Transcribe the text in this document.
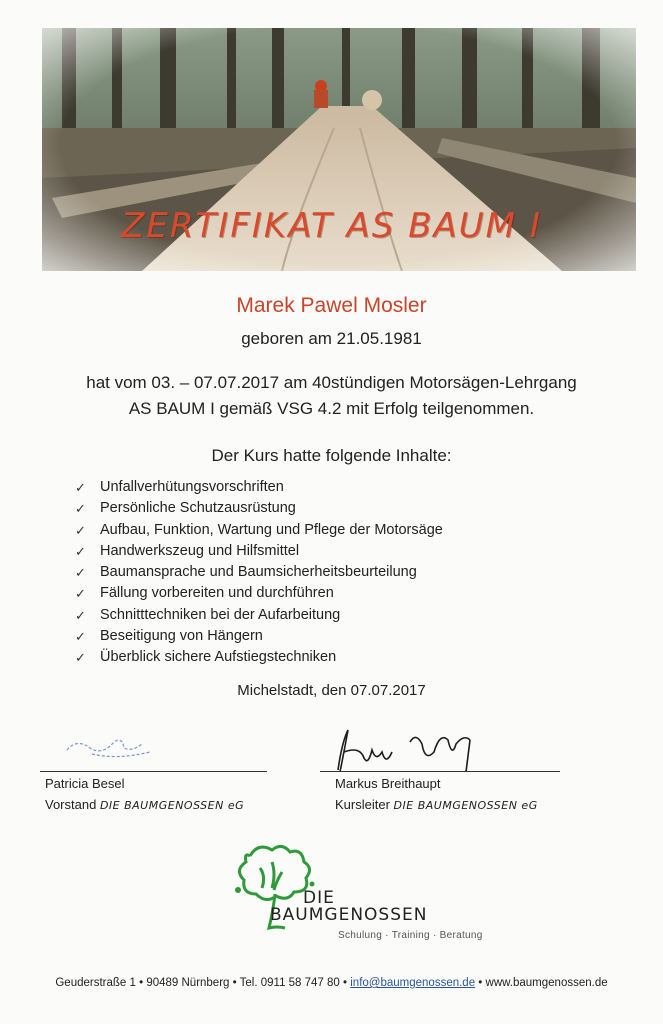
ZERTIFIKAT AS BAUM I
Marek Pawel Mosler
geboren am 21.05.1981
hat vom 03. – 07.07.2017 am 40stündigen Motorsägen-Lehrgang
AS BAUM I gemäß VSG 4.2 mit Erfolg teilgenommen.
Der Kurs hatte folgende Inhalte:
✓ Unfallverhütungsvorschriften
✓ Persönliche Schutzausrüstung
✓ Aufbau, Funktion, Wartung und Pflege der Motorsäge
✓ Handwerkszeug und Hilfsmittel
✓ Baumansprache und Baumsicherheitsbeurteilung
✓ Fällung vorbereiten und durchführen
✓ Schnitttechniken bei der Aufarbeitung
✓ Beseitigung von Hängern
✓ Überblick sichere Aufstiegstechniken
Michelstadt, den 07.07.2017
Patricia Besel
Vorstand DIE BAUMGENOSSEN eG
Markus Breithaupt
Kursleiter DIE BAUMGENOSSEN eG
DIE
BAUMGENOSSEN
Schulung · Training · Beratung
Geuderstraße 1 • 90489 Nürnberg • Tel. 0911 58 747 80 • info@baumgenossen.de • www.baumgenossen.de
